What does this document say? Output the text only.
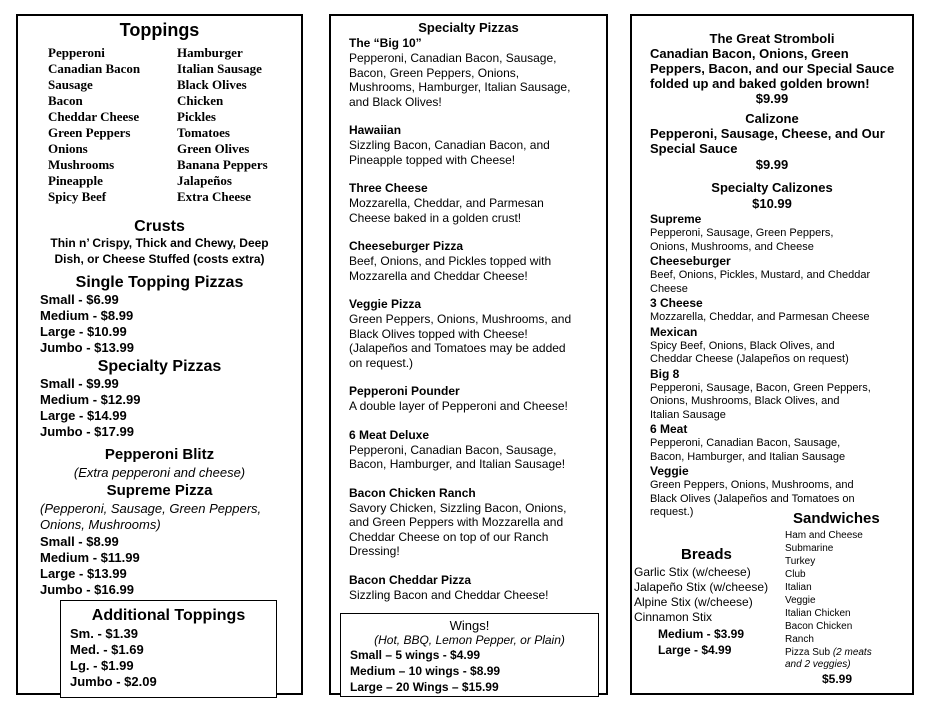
Toppings
Pepperoni
Canadian Bacon
Sausage
Bacon
Cheddar Cheese
Green Peppers
Onions
Mushrooms
Pineapple
Spicy Beef
Hamburger
Italian Sausage
Black Olives
Chicken
Pickles
Tomatoes
Green Olives
Banana Peppers
Jalapeños
Extra Cheese
Crusts
Thin n’ Crispy, Thick and Chewy, Deep
Dish, or Cheese Stuffed (costs extra)
Single Topping Pizzas
Small - $6.99
Medium - $8.99
Large - $10.99
Jumbo - $13.99
Specialty Pizzas
Small - $9.99
Medium - $12.99
Large - $14.99
Jumbo - $17.99
Pepperoni Blitz
(Extra pepperoni and cheese)
Supreme Pizza
(Pepperoni, Sausage, Green Peppers,
Onions, Mushrooms)
Small - $8.99
Medium - $11.99
Large - $13.99
Jumbo - $16.99
Additional Toppings
Sm. - $1.39
Med. - $1.69
Lg. - $1.99
Jumbo - $2.09
Specialty Pizzas
The “Big 10”
Pepperoni, Canadian Bacon, Sausage,
Bacon, Green Peppers, Onions,
Mushrooms, Hamburger, Italian Sausage,
and Black Olives!
Hawaiian
Sizzling Bacon, Canadian Bacon, and
Pineapple topped with Cheese!
Three Cheese
Mozzarella, Cheddar, and Parmesan
Cheese baked in a golden crust!
Cheeseburger Pizza
Beef, Onions, and Pickles topped with
Mozzarella and Cheddar Cheese!
Veggie Pizza
Green Peppers, Onions, Mushrooms, and
Black Olives topped with Cheese!
(Jalapeños and Tomatoes may be added
on request.)
Pepperoni Pounder
A double layer of Pepperoni and Cheese!
6 Meat Deluxe
Pepperoni, Canadian Bacon, Sausage,
Bacon, Hamburger, and Italian Sausage!
Bacon Chicken Ranch
Savory Chicken, Sizzling Bacon, Onions,
and Green Peppers with Mozzarella and
Cheddar Cheese on top of our Ranch
Dressing!
Bacon Cheddar Pizza
Sizzling Bacon and Cheddar Cheese!
Wings!
(Hot, BBQ, Lemon Pepper, or Plain)
Small – 5 wings - $4.99
Medium – 10 wings - $8.99
Large – 20 Wings – $15.99
The Great Stromboli
Canadian Bacon, Onions, Green
Peppers, Bacon, and our Special Sauce
folded up and baked golden brown!
$9.99
Calizone
Pepperoni, Sausage, Cheese, and Our
Special Sauce
$9.99
Specialty Calizones
$10.99
Supreme
Pepperoni, Sausage, Green Peppers,
Onions, Mushrooms, and Cheese
Cheeseburger
Beef, Onions, Pickles, Mustard, and Cheddar
Cheese
3 Cheese
Mozzarella, Cheddar, and Parmesan Cheese
Mexican
Spicy Beef, Onions, Black Olives, and
Cheddar Cheese (Jalapeños on request)
Big 8
Pepperoni, Sausage, Bacon, Green Peppers,
Onions, Mushrooms, Black Olives, and
Italian Sausage
6 Meat
Pepperoni, Canadian Bacon, Sausage,
Bacon, Hamburger, and Italian Sausage
Veggie
Green Peppers, Onions, Mushrooms, and
Black Olives (Jalapeños and Tomatoes on
request.)
Breads
Garlic Stix (w/cheese)
Jalapeño Stix (w/cheese)
Alpine Stix (w/cheese)
Cinnamon Stix
Medium - $3.99
Large - $4.99
Sandwiches
Ham and Cheese
Submarine
Turkey
Club
Italian
Veggie
Italian Chicken
Bacon Chicken
Ranch
Pizza Sub (2 meats
and 2 veggies)
$5.99
